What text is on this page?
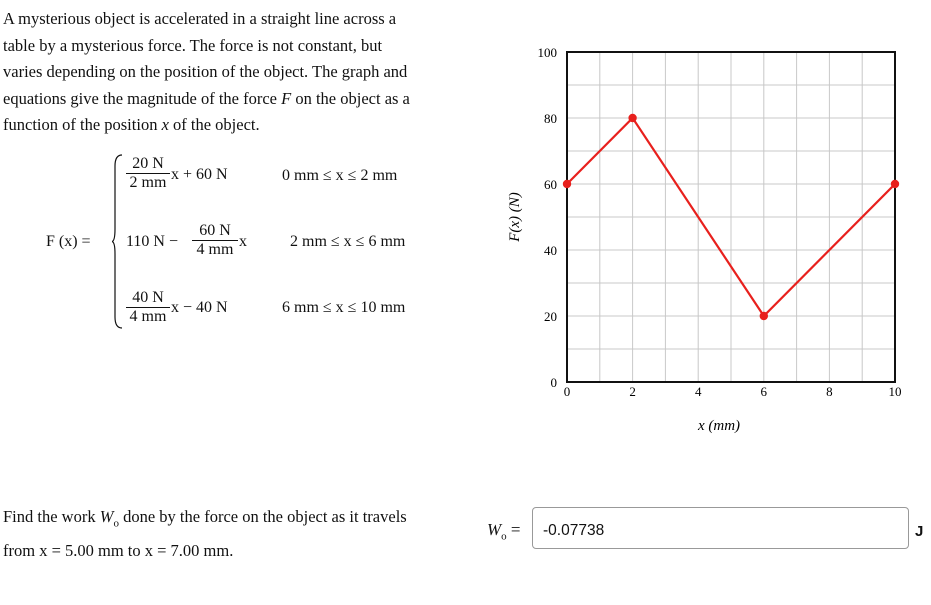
A mysterious object is accelerated in a straight line across a
table by a mysterious force. The force is not constant, but
varies depending on the position of the object. The graph and
equations give the magnitude of the force F on the object as a
function of the position x of the object.
F (x) =
$\frac{20 N}{2 mm}$ x + 60 N	0 mm ≤ x ≤ 2 mm
110 $N - \frac{60 N}{4 mm}$ x	2 mm ≤ x ≤ 6 mm
$\frac{40 N}{4 mm}$ x − 40 N	6 mm ≤ x ≤ 10 mm
0	2	4	6	8	10
0
20
40
60
80
100
F(x) (N)
x (mm)
Find the work $W_o$ done by the force on the object as it travels
from x = 5.00 mm to x = 7.00 mm.
$W_o$ =	-0.07738	J
